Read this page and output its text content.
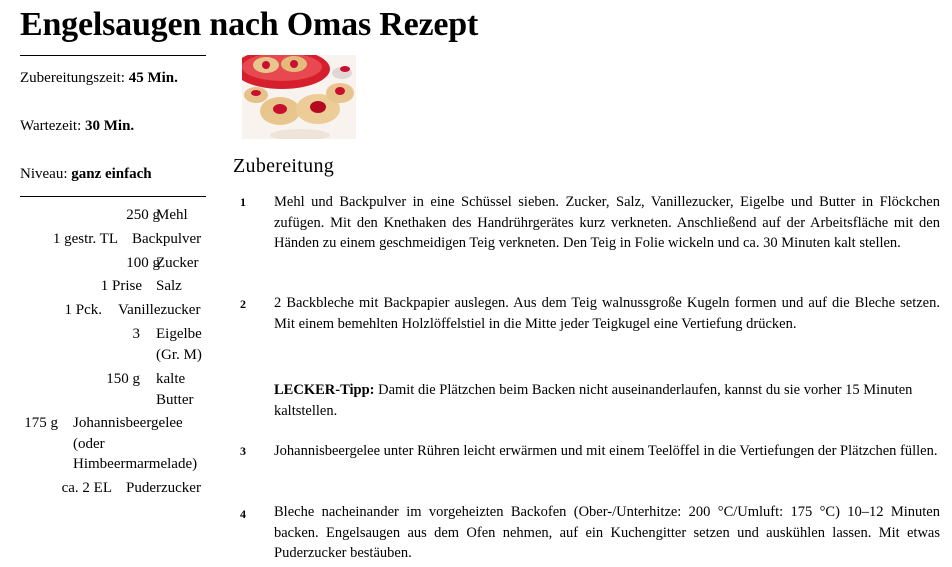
Engelsaugen nach Omas Rezept
Zubereitungszeit: 45 Min.
Wartezeit: 30 Min.
Niveau: ganz einfach
250 g
Mehl
1 gestr. TL Backpulver
100 g
Zucker
1 Prise Salz
1 Pck. Vanillezucker
3 Eigelbe (Gr. M)
150 g kalte Butter
175 g Johannisbeergelee (oder Himbeermarmelade)
ca. 2 EL Puderzucker
Zubereitung
1 Mehl und Backpulver in eine Schüssel sieben. Zucker, Salz, Vanillezucker, Eigelbe und Butter in Flöckchen zufügen. Mit den Knethaken des Handrührgerätes kurz verkneten. Anschließend auf der Arbeitsfläche mit den Händen zu einem geschmeidigen Teig verkneten. Den Teig in Folie wickeln und ca. 30 Minuten kalt stellen.

2 2 Backbleche mit Backpapier auslegen. Aus dem Teig walnussgroße Kugeln formen und auf die Bleche setzen. Mit einem bemehlten Holzlöffelstiel in die Mitte jeder Teigkugel eine Vertiefung drücken.

LECKER-Tipp: Damit die Plätzchen beim Backen nicht auseinanderlaufen, kannst du sie vorher 15 Minuten kaltstellen.

3 Johannisbeergelee unter Rühren leicht erwärmen und mit einem Teelöffel in die Vertiefungen der Plätzchen füllen.

4 Bleche nacheinander im vorgeheizten Backofen (Ober-/Unterhitze: 200 °C/Umluft: 175 °C) 10–12 Minuten backen. Engelsaugen aus dem Ofen nehmen, auf ein Kuchengitter setzen und auskühlen lassen. Mit etwas Puderzucker bestäuben.
